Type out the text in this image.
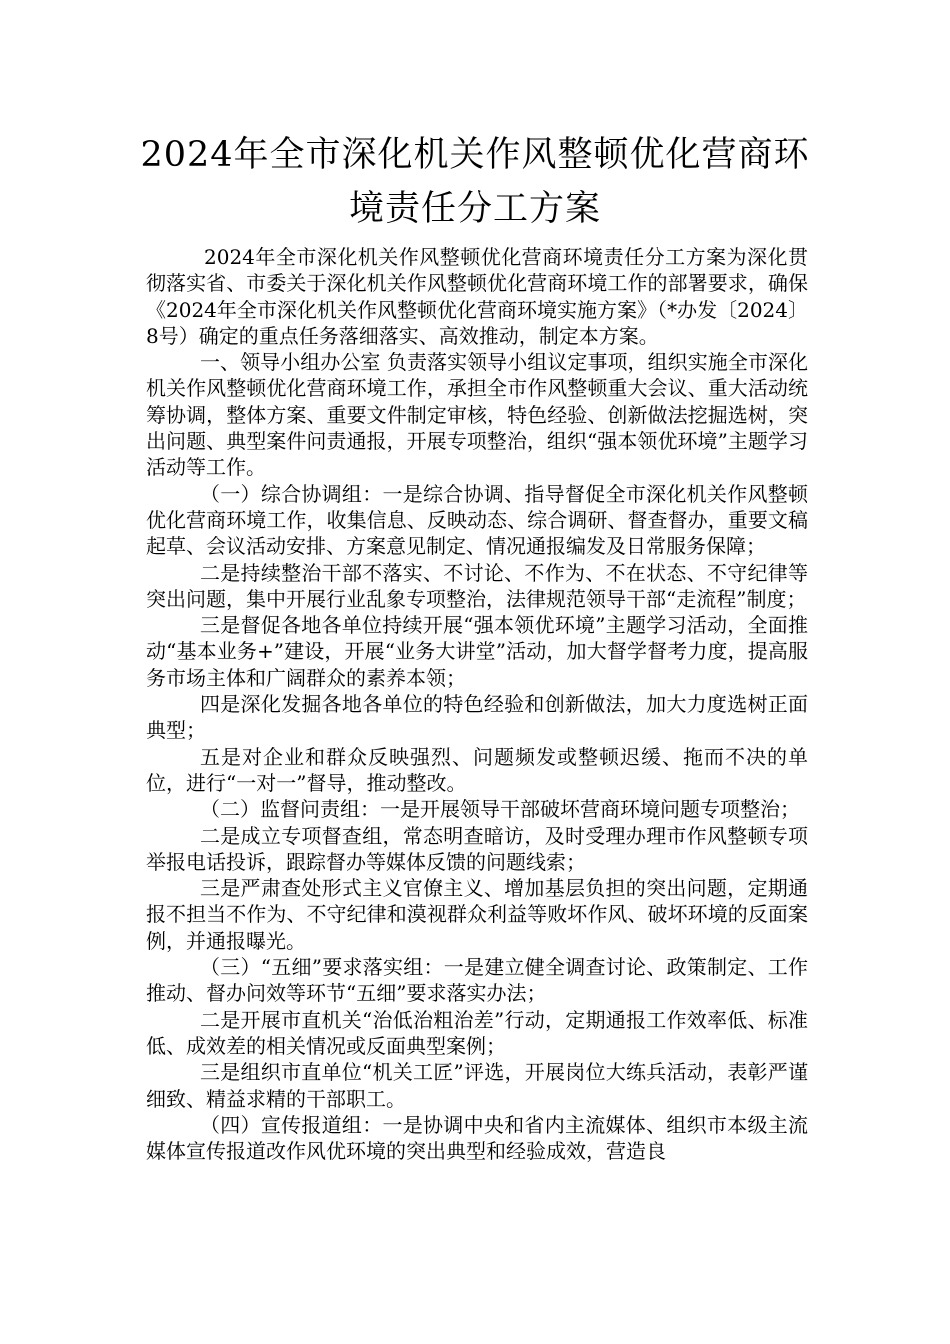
2024年全市深化机关作风整顿优化营商环
境责任分工方案

2024年全市深化机关作风整顿优化营商环境责任分工方案为深化贯彻落实省、市委关于深化机关作风整顿优化营商环境工作的部署要求，确保《2024年全市深化机关作风整顿优化营商环境实施方案》（*办发〔2024〕8号）确定的重点任务落细落实、高效推动，制定本方案。

一、领导小组办公室 负责落实领导小组议定事项，组织实施全市深化机关作风整顿优化营商环境工作，承担全市作风整顿重大会议、重大活动统筹协调，整体方案、重要文件制定审核，特色经验、创新做法挖掘选树，突出问题、典型案件问责通报，开展专项整治，组织“强本领优环境”主题学习活动等工作。

（一）综合协调组：一是综合协调、指导督促全市深化机关作风整顿优化营商环境工作，收集信息、反映动态、综合调研、督查督办，重要文稿起草、会议活动安排、方案意见制定、情况通报编发及日常服务保障；

二是持续整治干部不落实、不讨论、不作为、不在状态、不守纪律等突出问题，集中开展行业乱象专项整治，法律规范领导干部“走流程”制度；

三是督促各地各单位持续开展“强本领优环境”主题学习活动，全面推动“基本业务+”建设，开展“业务大讲堂”活动，加大督学督考力度，提高服务市场主体和广阔群众的素养本领；

四是深化发掘各地各单位的特色经验和创新做法，加大力度选树正面典型；

五是对企业和群众反映强烈、问题频发或整顿迟缓、拖而不决的单位，进行“一对一”督导，推动整改。

（二）监督问责组：一是开展领导干部破坏营商环境问题专项整治；

二是成立专项督查组，常态明查暗访，及时受理办理市作风整顿专项举报电话投诉，跟踪督办等媒体反馈的问题线索；

三是严肃查处形式主义官僚主义、增加基层负担的突出问题，定期通报不担当不作为、不守纪律和漠视群众利益等败坏作风、破坏环境的反面案例，并通报曝光。

（三）“五细”要求落实组：一是建立健全调查讨论、政策制定、工作推动、督办问效等环节“五细”要求落实办法；

二是开展市直机关“治低治粗治差”行动，定期通报工作效率低、标准低、成效差的相关情况或反面典型案例；

三是组织市直单位“机关工匠”评选，开展岗位大练兵活动，表彰严谨细致、精益求精的干部职工。

（四）宣传报道组：一是协调中央和省内主流媒体、组织市本级主流媒体宣传报道改作风优环境的突出典型和经验成效，营造良
